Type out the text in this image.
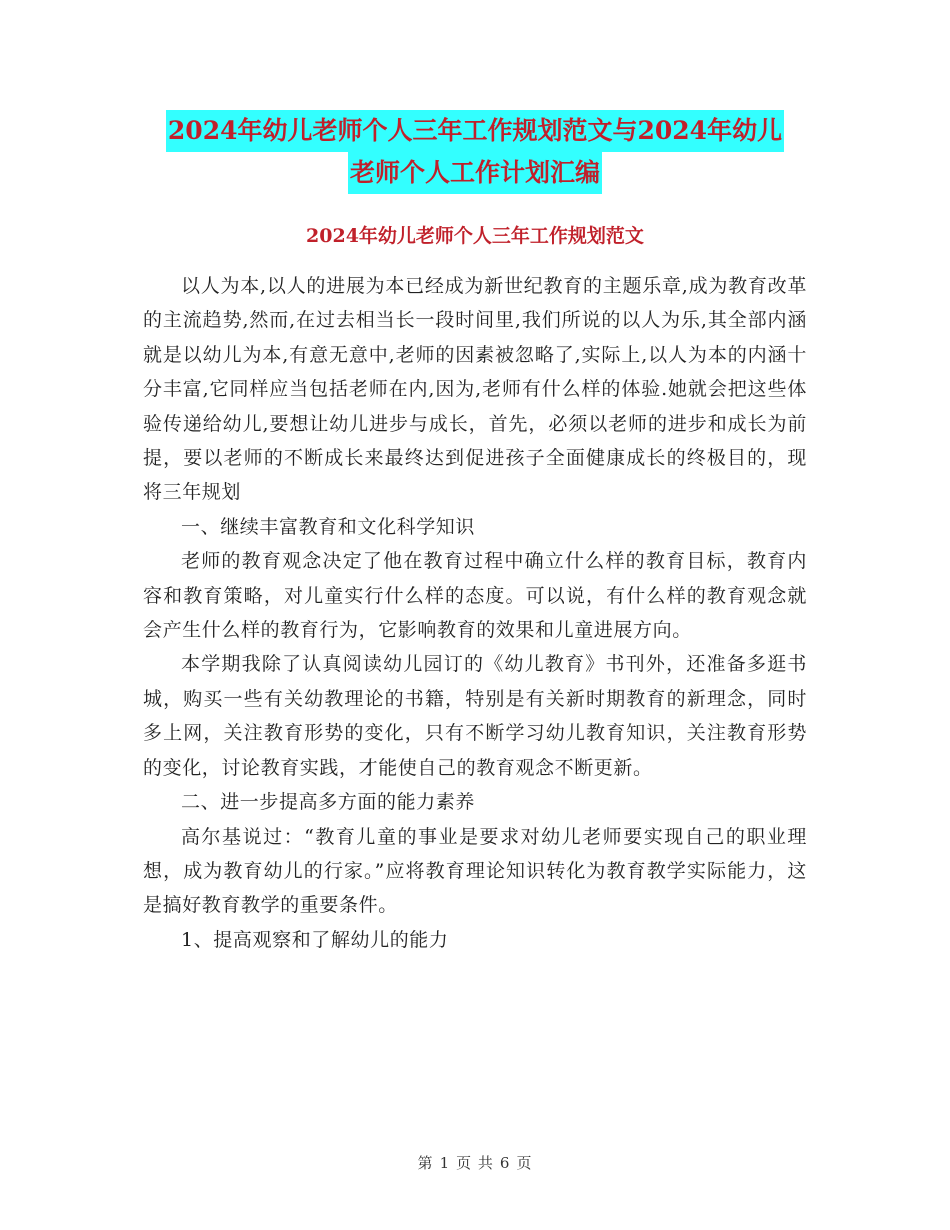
2024年幼儿老师个人三年工作规划范文与2024年幼儿
老师个人工作计划汇编
2024年幼儿老师个人三年工作规划范文

以人为本,以人的进展为本已经成为新世纪教育的主题乐章,成为教育改革的主流趋势,然而,在过去相当长一段时间里,我们所说的以人为乐,其全部内涵就是以幼儿为本,有意无意中,老师的因素被忽略了,实际上,以人为本的内涵十分丰富,它同样应当包括老师在内,因为,老师有什么样的体验.她就会把这些体验传递给幼儿,要想让幼儿进步与成长，首先，必须以老师的进步和成长为前提，要以老师的不断成长来最终达到促进孩子全面健康成长的终极目的，现将三年规划

一、继续丰富教育和文化科学知识

老师的教育观念决定了他在教育过程中确立什么样的教育目标，教育内容和教育策略，对儿童实行什么样的态度。可以说，有什么样的教育观念就会产生什么样的教育行为，它影响教育的效果和儿童进展方向。

本学期我除了认真阅读幼儿园订的《幼儿教育》书刊外，还准备多逛书城，购买一些有关幼教理论的书籍，特别是有关新时期教育的新理念，同时多上网，关注教育形势的变化，只有不断学习幼儿教育知识，关注教育形势的变化，讨论教育实践，才能使自己的教育观念不断更新。

二、进一步提高多方面的能力素养

高尔基说过：“教育儿童的事业是要求对幼儿老师要实现自己的职业理想，成为教育幼儿的行家。”应将教育理论知识转化为教育教学实际能力，这是搞好教育教学的重要条件。

1、提高观察和了解幼儿的能力

第 1 页 共 6 页
